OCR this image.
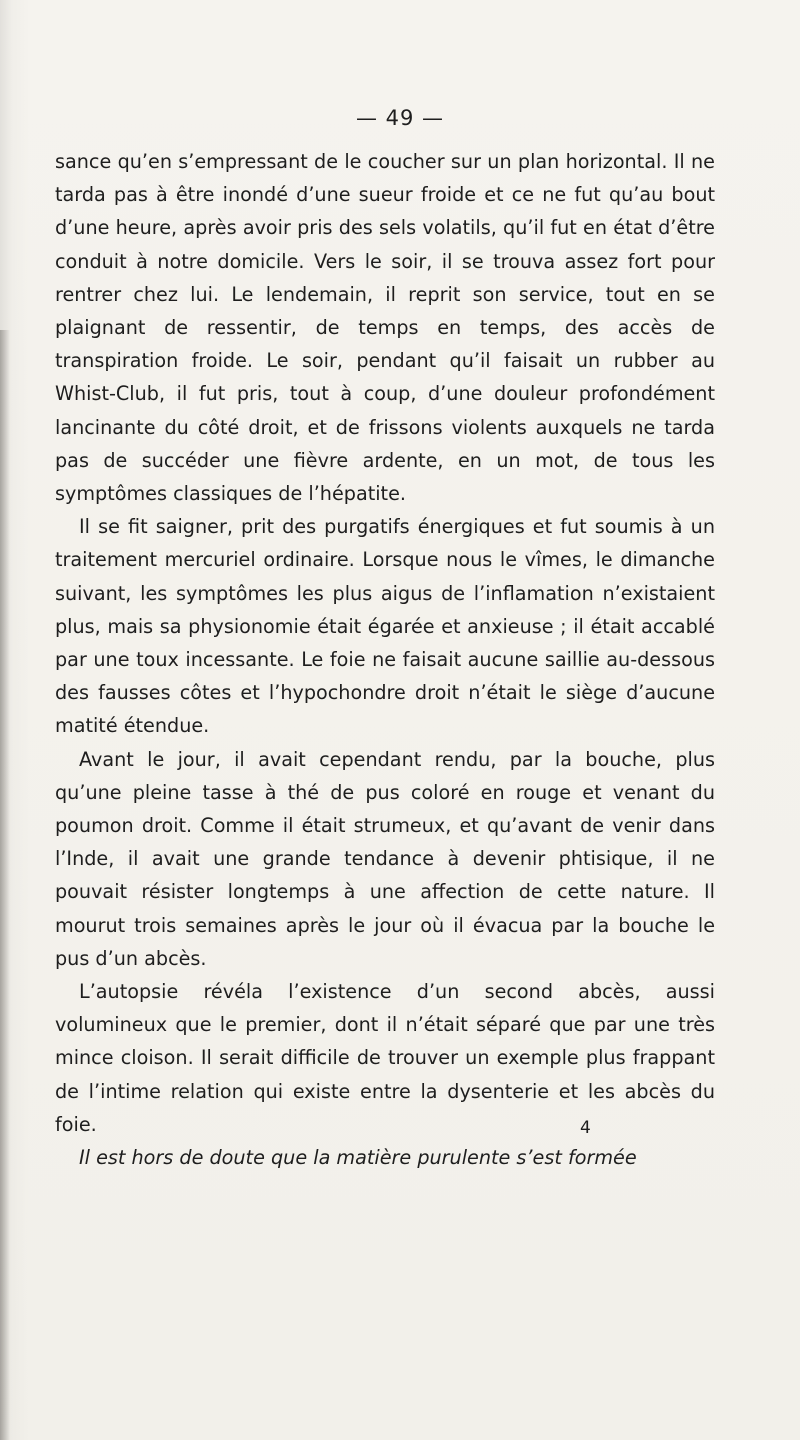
— 49 —

sance qu’en s’empressant de le coucher sur un plan horizontal. Il ne tarda pas à être inondé d’une sueur froide et ce ne fut qu’au bout d’une heure, après avoir pris des sels volatils, qu’il fut en état d’être conduit à notre domicile. Vers le soir, il se trouva assez fort pour rentrer chez lui. Le lendemain, il reprit son service, tout en se plaignant de ressentir, de temps en temps, des accès de transpiration froide. Le soir, pendant qu’il faisait un rubber au Whist-Club, il fut pris, tout à coup, d’une douleur profondément lancinante du côté droit, et de frissons violents auxquels ne tarda pas de succéder une fièvre ardente, en un mot, de tous les symptômes classiques de l’hépatite.

Il se fit saigner, prit des purgatifs énergiques et fut soumis à un traitement mercuriel ordinaire. Lorsque nous le vîmes, le dimanche suivant, les symptômes les plus aigus de l’inflamation n’existaient plus, mais sa physionomie était égarée et anxieuse ; il était accablé par une toux incessante. Le foie ne faisait aucune saillie au-dessous des fausses côtes et l’hypochondre droit n’était le siège d’aucune matité étendue.

Avant le jour, il avait cependant rendu, par la bouche, plus qu’une pleine tasse à thé de pus coloré en rouge et venant du poumon droit. Comme il était strumeux, et qu’avant de venir dans l’Inde, il avait une grande tendance à devenir phtisique, il ne pouvait résister longtemps à une affection de cette nature. Il mourut trois semaines après le jour où il évacua par la bouche le pus d’un abcès.

L’autopsie révéla l’existence d’un second abcès, aussi volumineux que le premier, dont il n’était séparé que par une très mince cloison. Il serait difficile de trouver un exemple plus frappant de l’intime relation qui existe entre la dysenterie et les abcès du foie.

Il est hors de doute que la matière purulente s’est formée

4
